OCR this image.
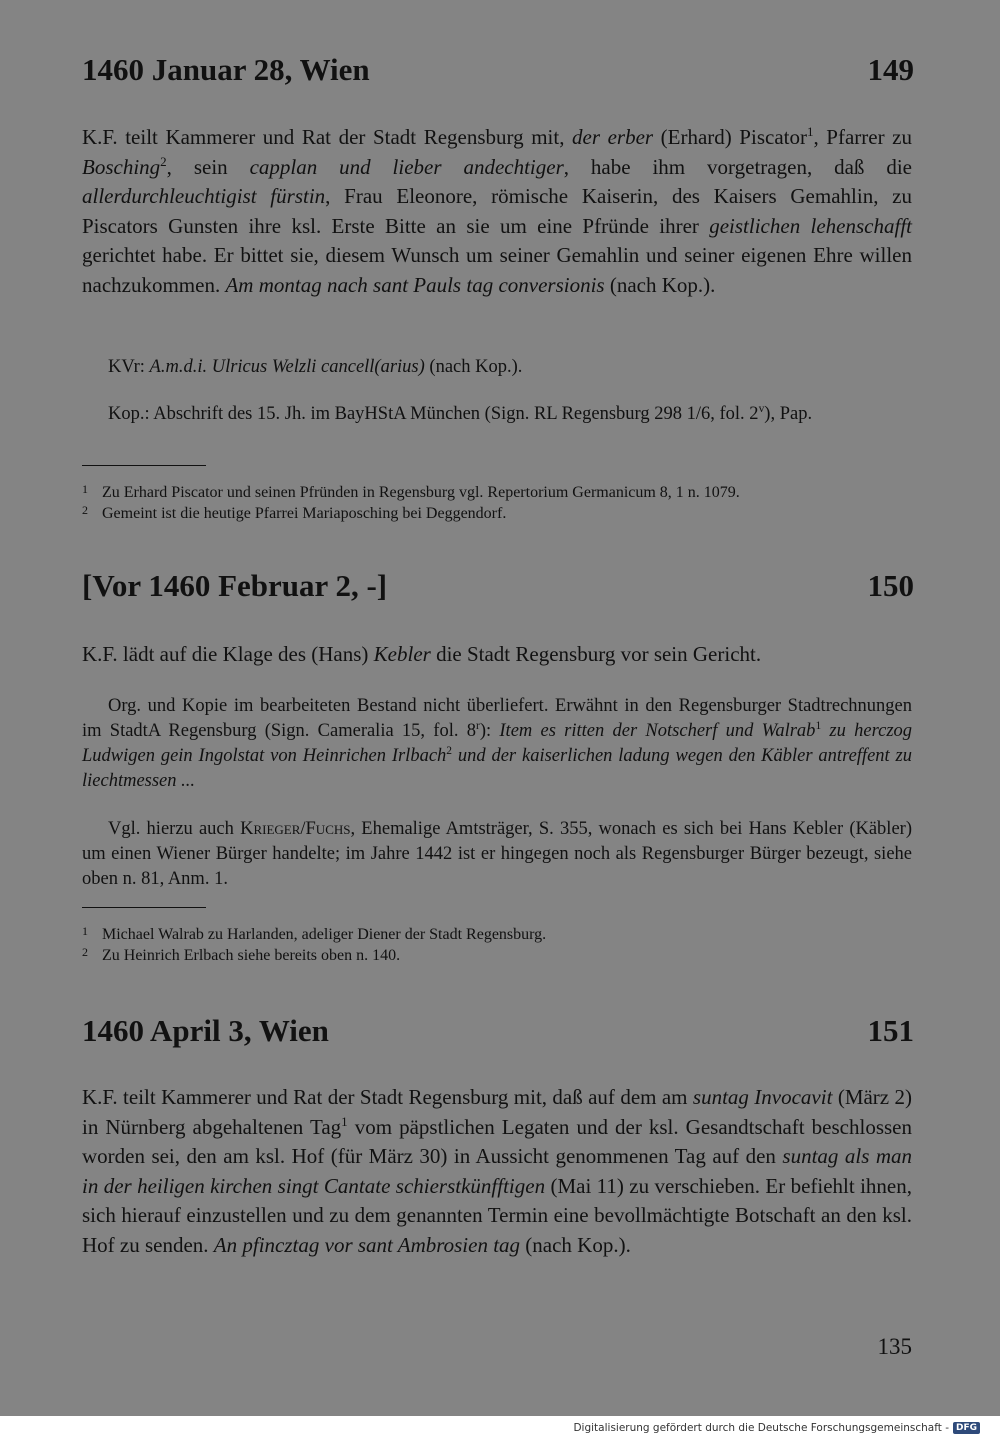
1460 Januar 28, Wien	149

K.F. teilt Kammerer und Rat der Stadt Regensburg mit, der erber (Erhard) Piscator$^1$, Pfarrer zu Bosching$^2$, sein capplan und lieber andechtiger, habe ihm vorgetragen, daß die allerdurchleuchtigist fürstin, Frau Eleonore, römische Kaiserin, des Kaisers Gemahlin, zu Piscators Gunsten ihre ksl. Erste Bitte an sie um eine Pfründe ihrer geistlichen lehenschafft gerichtet habe. Er bittet sie, diesem Wunsch um seiner Gemahlin und seiner eigenen Ehre willen nachzukommen. Am montag nach sant Pauls tag conversionis (nach Kop.).

KVr: A.m.d.i. Ulricus Welzli cancell(arius) (nach Kop.).

Kop.: Abschrift des 15. Jh. im BayHStA München (Sign. RL Regensburg 298 1/6, fol. 2$^v$), Pap.

1 Zu Erhard Piscator und seinen Pfründen in Regensburg vgl. Repertorium Germanicum 8, 1 n. 1079.

2 Gemeint ist die heutige Pfarrei Mariaposching bei Deggendorf.

[Vor 1460 Februar 2, -]	150

K.F. lädt auf die Klage des (Hans) Kebler die Stadt Regensburg vor sein Gericht.

Org. und Kopie im bearbeiteten Bestand nicht überliefert. Erwähnt in den Regensburger Stadtrechnungen im StadtA Regensburg (Sign. Cameralia 15, fol. 8$^r$): Item es ritten der Notscherf und Walrab$^1$ zu herczog Ludwigen gein Ingolstat von Heinrichen Irlbach$^2$ und der kaiserlichen ladung wegen den Käbler antreffent zu liechtmessen ...

Vgl. hierzu auch Krieger/Fuchs, Ehemalige Amtsträger, S. 355, wonach es sich bei Hans Kebler (Käbler) um einen Wiener Bürger handelte; im Jahre 1442 ist er hingegen noch als Regensburger Bürger bezeugt, siehe oben n. 81, Anm. 1.

1 Michael Walrab zu Harlanden, adeliger Diener der Stadt Regensburg.

2 Zu Heinrich Erlbach siehe bereits oben n. 140.

1460 April 3, Wien	151

K.F. teilt Kammerer und Rat der Stadt Regensburg mit, daß auf dem am suntag Invocavit (März 2) in Nürnberg abgehaltenen Tag$^1$ vom päpstlichen Legaten und der ksl. Gesandtschaft beschlossen worden sei, den am ksl. Hof (für März 30) in Aussicht genommenen Tag auf den suntag als man in der heiligen kirchen singt Cantate schierstkünfftigen (Mai 11) zu verschieben. Er befiehlt ihnen, sich hierauf einzustellen und zu dem genannten Termin eine bevollmächtigte Botschaft an den ksl. Hof zu senden. An pfincztag vor sant Ambrosien tag (nach Kop.).

135
Digitalisierung gefördert durch die Deutsche Forschungsgemeinschaft - DFG
